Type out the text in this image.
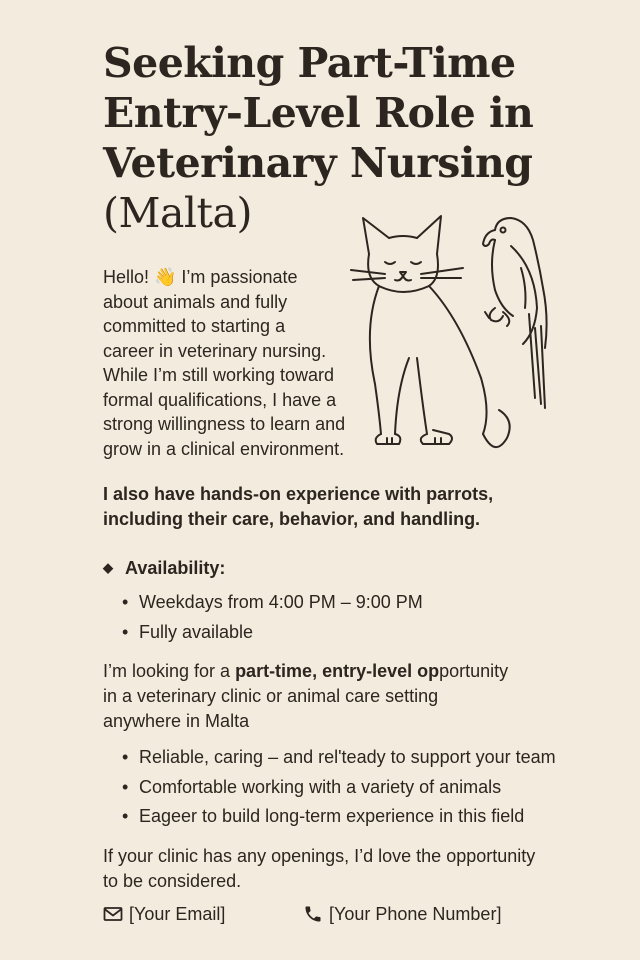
Seeking Part-Time
Entry-Level Role in
Veterinary Nursing
(Malta)

Hello! 👋 I’m passionate
about animals and fully
committed to starting a
career in veterinary nursing.
While I’m still working toward
formal qualifications, I have a
strong willingness to learn and
grow in a clinical environment.

I also have hands-on experience with parrots,
including their care, behavior, and handling.

◆ Availability:
• Weekdays from 4:00 PM – 9:00 PM
• Fully available

I’m looking for a part-time, entry-level opportunity
in a veterinary clinic or animal care setting
anywhere in Malta

• Reliable, caring – and rel'teady to support your team
• Comfortable working with a variety of animals
• Eageer to build long-term experience in this field

If your clinic has any openings, I’d love the opportunity
to be considered.

[Your Email]	[Your Phone Number]
